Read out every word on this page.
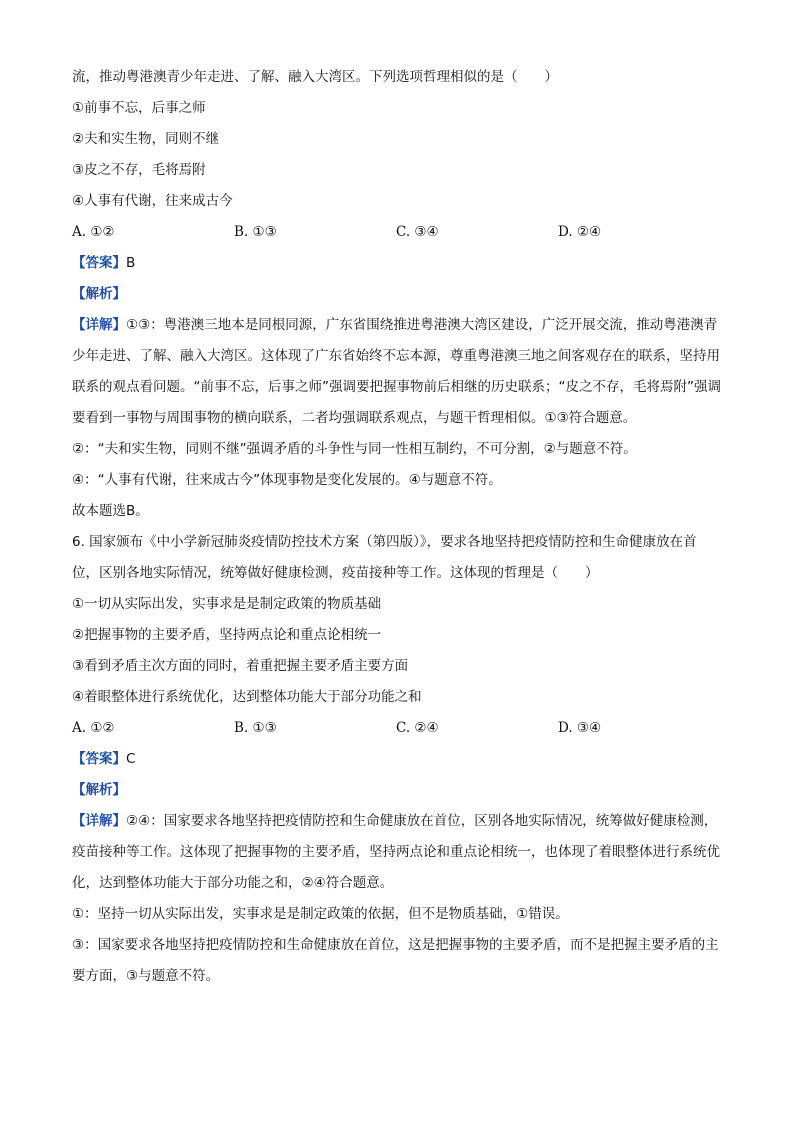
流，推动粤港澳青少年走进、了解、融入大湾区。下列选项哲理相似的是（　　）
①前事不忘，后事之师
②夫和实生物，同则不继
③皮之不存，毛将焉附
④人事有代谢，往来成古今
A. ①②	B. ①③	C. ③④	D. ②④
【答案】B
【解析】
【详解】①③：粤港澳三地本是同根同源，广东省围绕推进粤港澳大湾区建设，广泛开展交流，推动粤港澳青少年走进、了解、融入大湾区。这体现了广东省始终不忘本源，尊重粤港澳三地之间客观存在的联系，坚持用联系的观点看问题。“前事不忘，后事之师”强调要把握事物前后相继的历史联系；“皮之不存，毛将焉附”强调要看到一事物与周围事物的横向联系，二者均强调联系观点，与题干哲理相似。①③符合题意。
②：“夫和实生物，同则不继”强调矛盾的斗争性与同一性相互制约，不可分割，②与题意不符。
④：“人事有代谢，往来成古今”体现事物是变化发展的。④与题意不符。
故本题选B。
6. 国家颁布《中小学新冠肺炎疫情防控技术方案（第四版）》，要求各地坚持把疫情防控和生命健康放在首位，区别各地实际情况，统筹做好健康检测，疫苗接种等工作。这体现的哲理是（　　）
①一切从实际出发，实事求是是制定政策的物质基础
②把握事物的主要矛盾，坚持两点论和重点论相统一
③看到矛盾主次方面的同时，着重把握主要矛盾主要方面
④着眼整体进行系统优化，达到整体功能大于部分功能之和
A. ①②	B. ①③	C. ②④	D. ③④
【答案】C
【解析】
【详解】②④：国家要求各地坚持把疫情防控和生命健康放在首位，区别各地实际情况，统筹做好健康检测，疫苗接种等工作。这体现了把握事物的主要矛盾，坚持两点论和重点论相统一，也体现了着眼整体进行系统优化，达到整体功能大于部分功能之和，②④符合题意。
①：坚持一切从实际出发，实事求是是制定政策的依据，但不是物质基础，①错误。
③：国家要求各地坚持把疫情防控和生命健康放在首位，这是把握事物的主要矛盾，而不是把握主要矛盾的主要方面，③与题意不符。
